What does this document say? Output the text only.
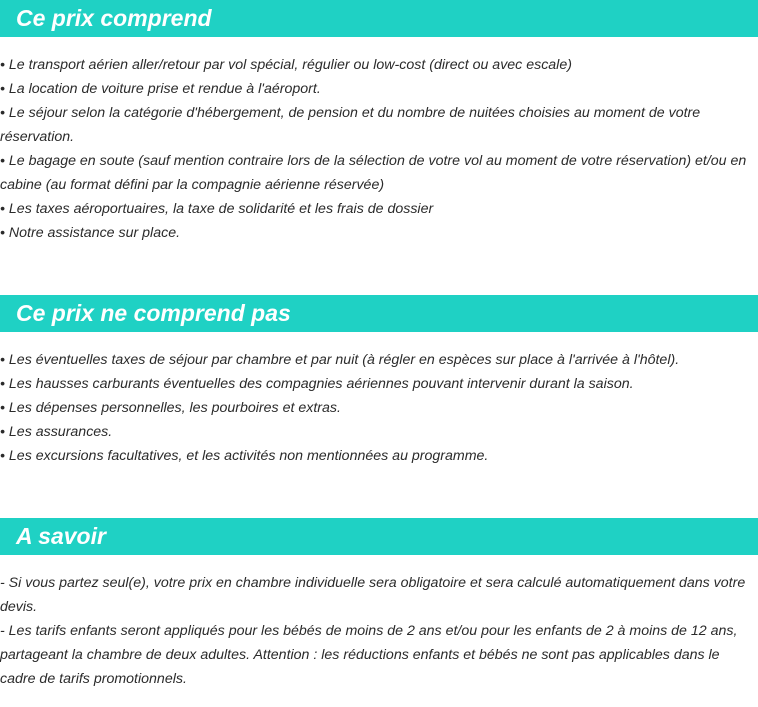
Ce prix comprend
• Le transport aérien aller/retour par vol spécial, régulier ou low-cost (direct ou avec escale)
• La location de voiture prise et rendue à l'aéroport.
• Le séjour selon la catégorie d'hébergement, de pension et du nombre de nuitées choisies au moment de votre réservation.
• Le bagage en soute (sauf mention contraire lors de la sélection de votre vol au moment de votre réservation) et/ou en cabine (au format défini par la compagnie aérienne réservée)
• Les taxes aéroportuaires, la taxe de solidarité et les frais de dossier
• Notre assistance sur place.
Ce prix ne comprend pas
• Les éventuelles taxes de séjour par chambre et par nuit (à régler en espèces sur place à l'arrivée à l'hôtel).
• Les hausses carburants éventuelles des compagnies aériennes pouvant intervenir durant la saison.
• Les dépenses personnelles, les pourboires et extras.
• Les assurances.
• Les excursions facultatives, et les activités non mentionnées au programme.
A savoir
- Si vous partez seul(e), votre prix en chambre individuelle sera obligatoire et sera calculé automatiquement dans votre devis.
- Les tarifs enfants seront appliqués pour les bébés de moins de 2 ans et/ou pour les enfants de 2 à moins de 12 ans, partageant la chambre de deux adultes. Attention : les réductions enfants et bébés ne sont pas applicables dans le cadre de tarifs promotionnels.
